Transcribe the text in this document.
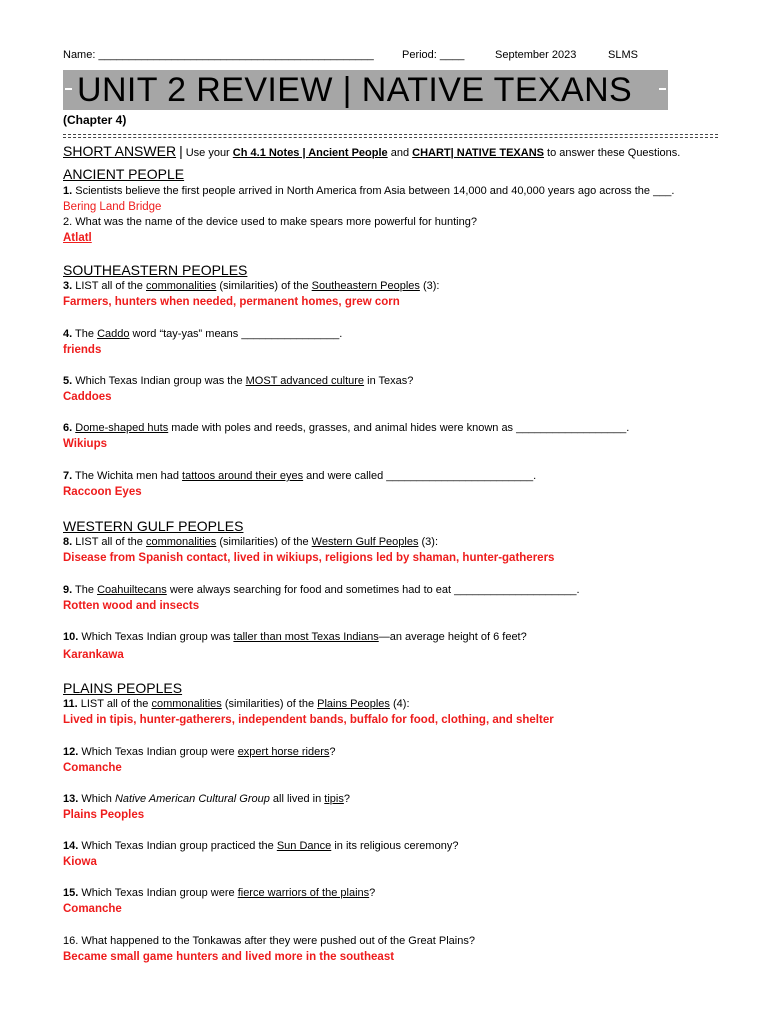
Name: _____________________________________________	Period: ____	September 2023	SLMS
UNIT 2 REVIEW | NATIVE TEXANS
(Chapter 4)
SHORT ANSWER | Use your Ch 4.1 Notes | Ancient People and CHART| NATIVE TEXANS to answer these Questions.
ANCIENT PEOPLE
1. Scientists believe the first people arrived in North America from Asia between 14,000 and 40,000 years ago across the ___.
Bering Land Bridge
2. What was the name of the device used to make spears more powerful for hunting?
Atlatl
SOUTHEASTERN PEOPLES
3. LIST all of the commonalities (similarities) of the Southeastern Peoples (3):
Farmers, hunters when needed, permanent homes, grew corn
4. The Caddo word “tay-yas” means ________________.
friends
5. Which Texas Indian group was the MOST advanced culture in Texas?
Caddoes
6. Dome-shaped huts made with poles and reeds, grasses, and animal hides were known as __________________.
Wikiups
7. The Wichita men had tattoos around their eyes and were called ________________________.
Raccoon Eyes
WESTERN GULF PEOPLES
8. LIST all of the commonalities (similarities) of the Western Gulf Peoples (3):
Disease from Spanish contact, lived in wikiups, religions led by shaman, hunter-gatherers
9. The Coahuiltecans were always searching for food and sometimes had to eat ____________________.
Rotten wood and insects
10. Which Texas Indian group was taller than most Texas Indians—an average height of 6 feet?
Karankawa
PLAINS PEOPLES
11. LIST all of the commonalities (similarities) of the Plains Peoples (4):
Lived in tipis, hunter-gatherers, independent bands, buffalo for food, clothing, and shelter
12. Which Texas Indian group were expert horse riders?
Comanche
13. Which Native American Cultural Group all lived in tipis?
Plains Peoples
14. Which Texas Indian group practiced the Sun Dance in its religious ceremony?
Kiowa
15. Which Texas Indian group were fierce warriors of the plains?
Comanche
16. What happened to the Tonkawas after they were pushed out of the Great Plains?
Became small game hunters and lived more in the southeast
